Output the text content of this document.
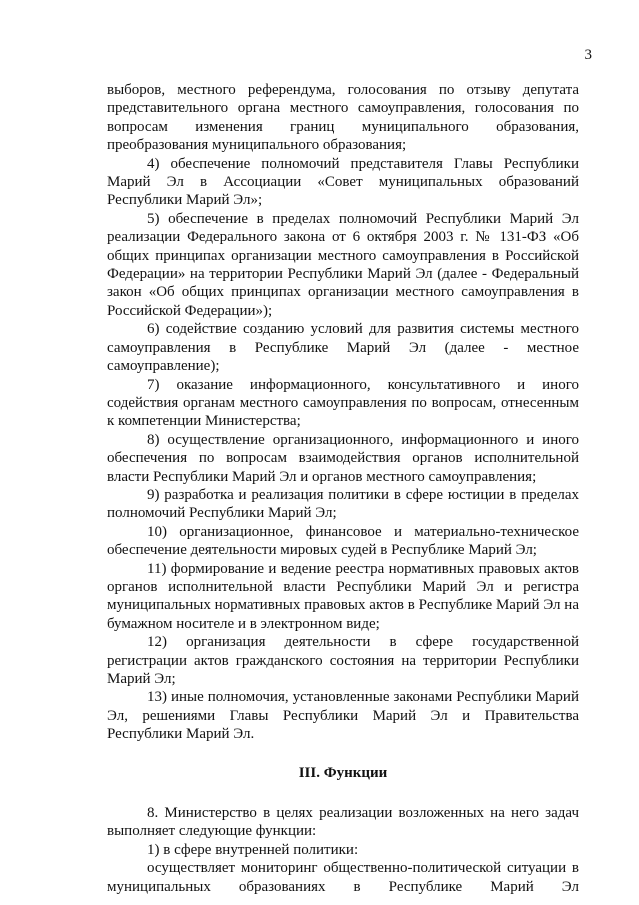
3

выборов, местного референдума, голосования по отзыву депутата представительного органа местного самоуправления, голосования по вопросам изменения границ муниципального образования, преобразования муниципального образования;

4) обеспечение полномочий представителя Главы Республики Марий Эл в Ассоциации «Совет муниципальных образований Республики Марий Эл»;

5) обеспечение в пределах полномочий Республики Марий Эл реализации Федерального закона от 6 октября 2003 г. № 131-ФЗ «Об общих принципах организации местного самоуправления в Российской Федерации» на территории Республики Марий Эл (далее - Федеральный закон «Об общих принципах организации местного самоуправления в Российской Федерации»);

6) содействие созданию условий для развития системы местного самоуправления в Республике Марий Эл (далее - местное самоуправление);

7) оказание информационного, консультативного и иного содействия органам местного самоуправления по вопросам, отнесенным к компетенции Министерства;

8) осуществление организационного, информационного и иного обеспечения по вопросам взаимодействия органов исполнительной власти Республики Марий Эл и органов местного самоуправления;

9) разработка и реализация политики в сфере юстиции в пределах полномочий Республики Марий Эл;

10) организационное, финансовое и материально-техническое обеспечение деятельности мировых судей в Республике Марий Эл;

11) формирование и ведение реестра нормативных правовых актов органов исполнительной власти Республики Марий Эл и регистра муниципальных нормативных правовых актов в Республике Марий Эл на бумажном носителе и в электронном виде;

12) организация деятельности в сфере государственной регистрации актов гражданского состояния на территории Республики Марий Эл;

13) иные полномочия, установленные законами Республики Марий Эл, решениями Главы Республики Марий Эл и Правительства Республики Марий Эл.

III. Функции

8. Министерство в целях реализации возложенных на него задач выполняет следующие функции:

1) в сфере внутренней политики:

осуществляет мониторинг общественно-политической ситуации в муниципальных образованиях в Республике Марий Эл
